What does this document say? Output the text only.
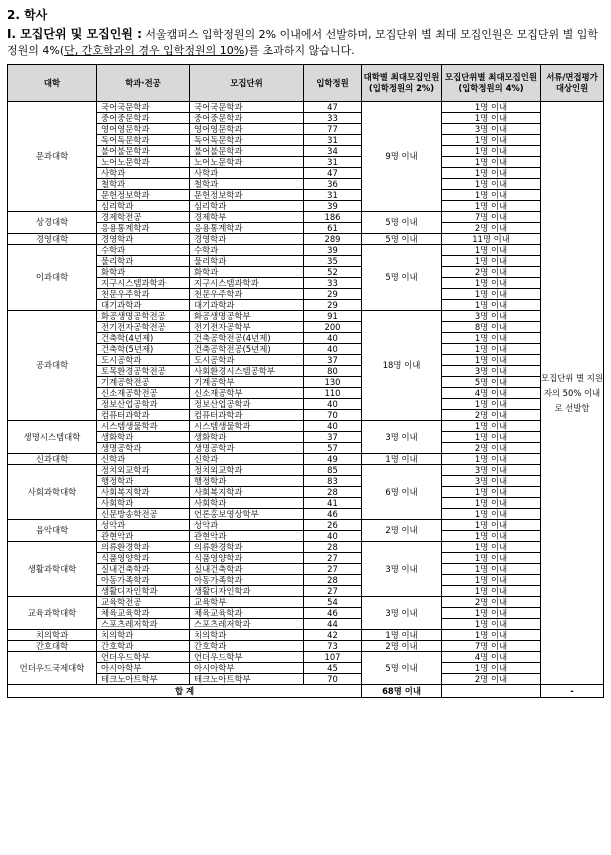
2. 학사
Ⅰ. 모집단위 및 모집인원 : 서울캠퍼스 입학정원의 2% 이내에서 선발하며, 모집단위 별 최대 모집인원은 모집단위 별 입학정원의 4%(단, 간호학과의 경우 입학정원의 10%)를 초과하지 않습니다.
대학	학과·전공	모집단위	입학정원	대학별 최대모집인원 (입학정원의 2%)	모집단위별 최대모집인원 (입학정원의 4%)	서류/면접평가 대상인원
문과대학	국어국문학과	국어국문학과	47	9명 이내	1명 이내	모집단위 별 지원자의 50% 이내로 선발함
	중어중문학과	중어중문학과	33		1명 이내	
	영어영문학과	영어영문학과	77		3명 이내	
	독어독문학과	독어독문학과	31		1명 이내	
	불어불문학과	불어불문학과	34		1명 이내	
	노어노문학과	노어노문학과	31		1명 이내	
	사학과	사학과	47		1명 이내	
	철학과	철학과	36		1명 이내	
	문헌정보학과	문헌정보학과	31		1명 이내	
	심리학과	심리학과	39		1명 이내	
상경대학	경제학전공	경제학부	186	5명 이내	7명 이내	
	응용통계학과	응용통계학과	61		2명 이내	
경영대학	경영학과	경영학과	289	5명 이내	11명 이내	
이과대학	수학과	수학과	39	5명 이내	1명 이내	
	물리학과	물리학과	35		1명 이내	
	화학과	화학과	52		2명 이내	
	지구시스템과학과	지구시스템과학과	33		1명 이내	
	천문우주학과	천문우주학과	29		1명 이내	
	대기과학과	대기과학과	29		1명 이내	
공과대학	화공생명공학전공	화공생명공학부	91	18명 이내	3명 이내	
	전기전자공학전공	전기전자공학부	200		8명 이내	
	건축학(4년제)	건축공학전공(4년제)	40		1명 이내	
	건축학(5년제)	건축공학전공(5년제)	40		1명 이내	
	도시공학과	도시공학과	37		1명 이내	
	토목환경공학전공	사회환경시스템공학부	80		3명 이내	
	기계공학전공	기계공학부	130		5명 이내	
	신소재공학전공	신소재공학부	110		4명 이내	
	정보산업공학과	정보산업공학과	40		1명 이내	
	컴퓨터과학과	컴퓨터과학과	70		2명 이내	
생명시스템대학	시스템생물학과	시스템생물학과	40	3명 이내	1명 이내	
	생화학과	생화학과	37		1명 이내	
	생명공학과	생명공학과	57		2명 이내	
신과대학	신학과	신학과	49	1명 이내	1명 이내	
사회과학대학	정치외교학과	정치외교학과	85	6명 이내	3명 이내	
	행정학과	행정학과	83		3명 이내	
	사회복지학과	사회복지학과	28		1명 이내	
	사회학과	사회학과	41		1명 이내	
	신문방송학전공	언론홍보영상학부	46		1명 이내	
음악대학	성악과	성악과	26	2명 이내	1명 이내	
	관현악과	관현악과	40		1명 이내	
생활과학대학	의류환경학과	의류환경학과	28	3명 이내	1명 이내	
	식품영양학과	식품영양학과	27		1명 이내	
	실내건축학과	실내건축학과	27		1명 이내	
	아동가족학과	아동가족학과	28		1명 이내	
	생활디자인학과	생활디자인학과	27		1명 이내	
교육과학대학	교육학전공	교육학부	54	3명 이내	2명 이내	
	체육교육학과	체육교육학과	46		1명 이내	
	스포츠레저학과	스포츠레저학과	44		1명 이내	
치의학과	치의학과	치의학과	42	1명 이내	1명 이내	
간호대학	간호학과	간호학과	73	2명 이내	7명 이내	
언더우드국제대학	언더우드학부	언더우드학부	107	5명 이내	4명 이내	
	아시아학부	아시아학부	45		1명 이내	
	테크노아트학부	테크노아트학부	70		2명 이내	
합 계				68명 이내		-
